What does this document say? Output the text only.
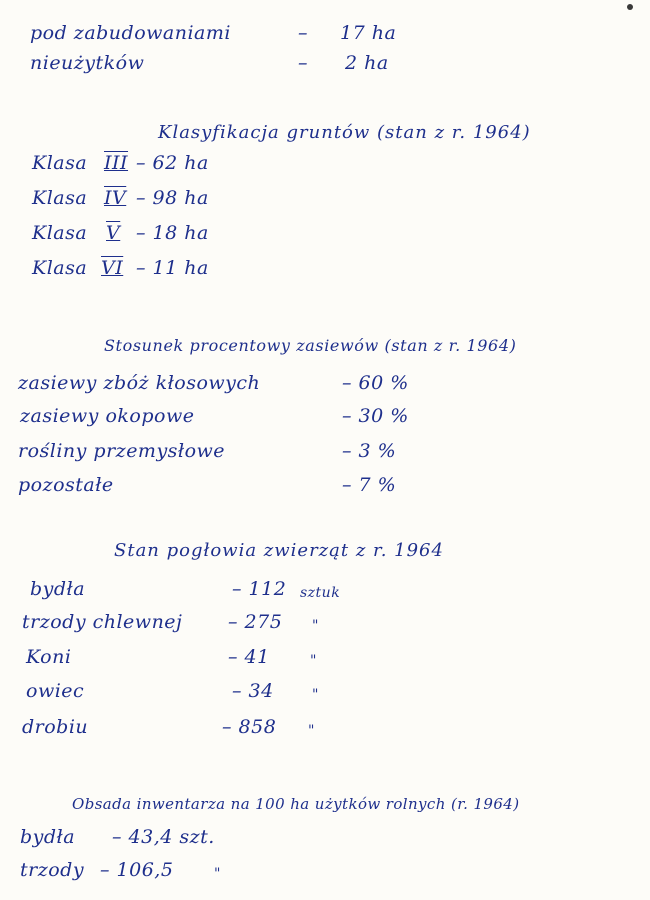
pod zabudowaniami	– 17 ha
nieużytków	– 2 ha
Klasyfikacja gruntów (stan z r. 1964)
Klasa III – 62 ha
Klasa IV – 98 ha
Klasa V – 18 ha
Klasa VI – 11 ha
Stosunek procentowy zasiewów (stan z r. 1964)
zasiewy zbóż kłosowych	– 60 %
zasiewy okopowe	– 30 %
rośliny przemysłowe	– 3 %
pozostałe	– 7 %
Stan pogłowia zwierząt z r. 1964
bydła	– 112 sztuk
trzody chlewnej – 275 "
Koni	– 41	"
owiec	– 34	"
drobiu	– 858 "
Obsada inwentarza na 100 ha użytków rolnych (r. 1964)
bydła – 43,4 szt.
trzody – 106,5	"
